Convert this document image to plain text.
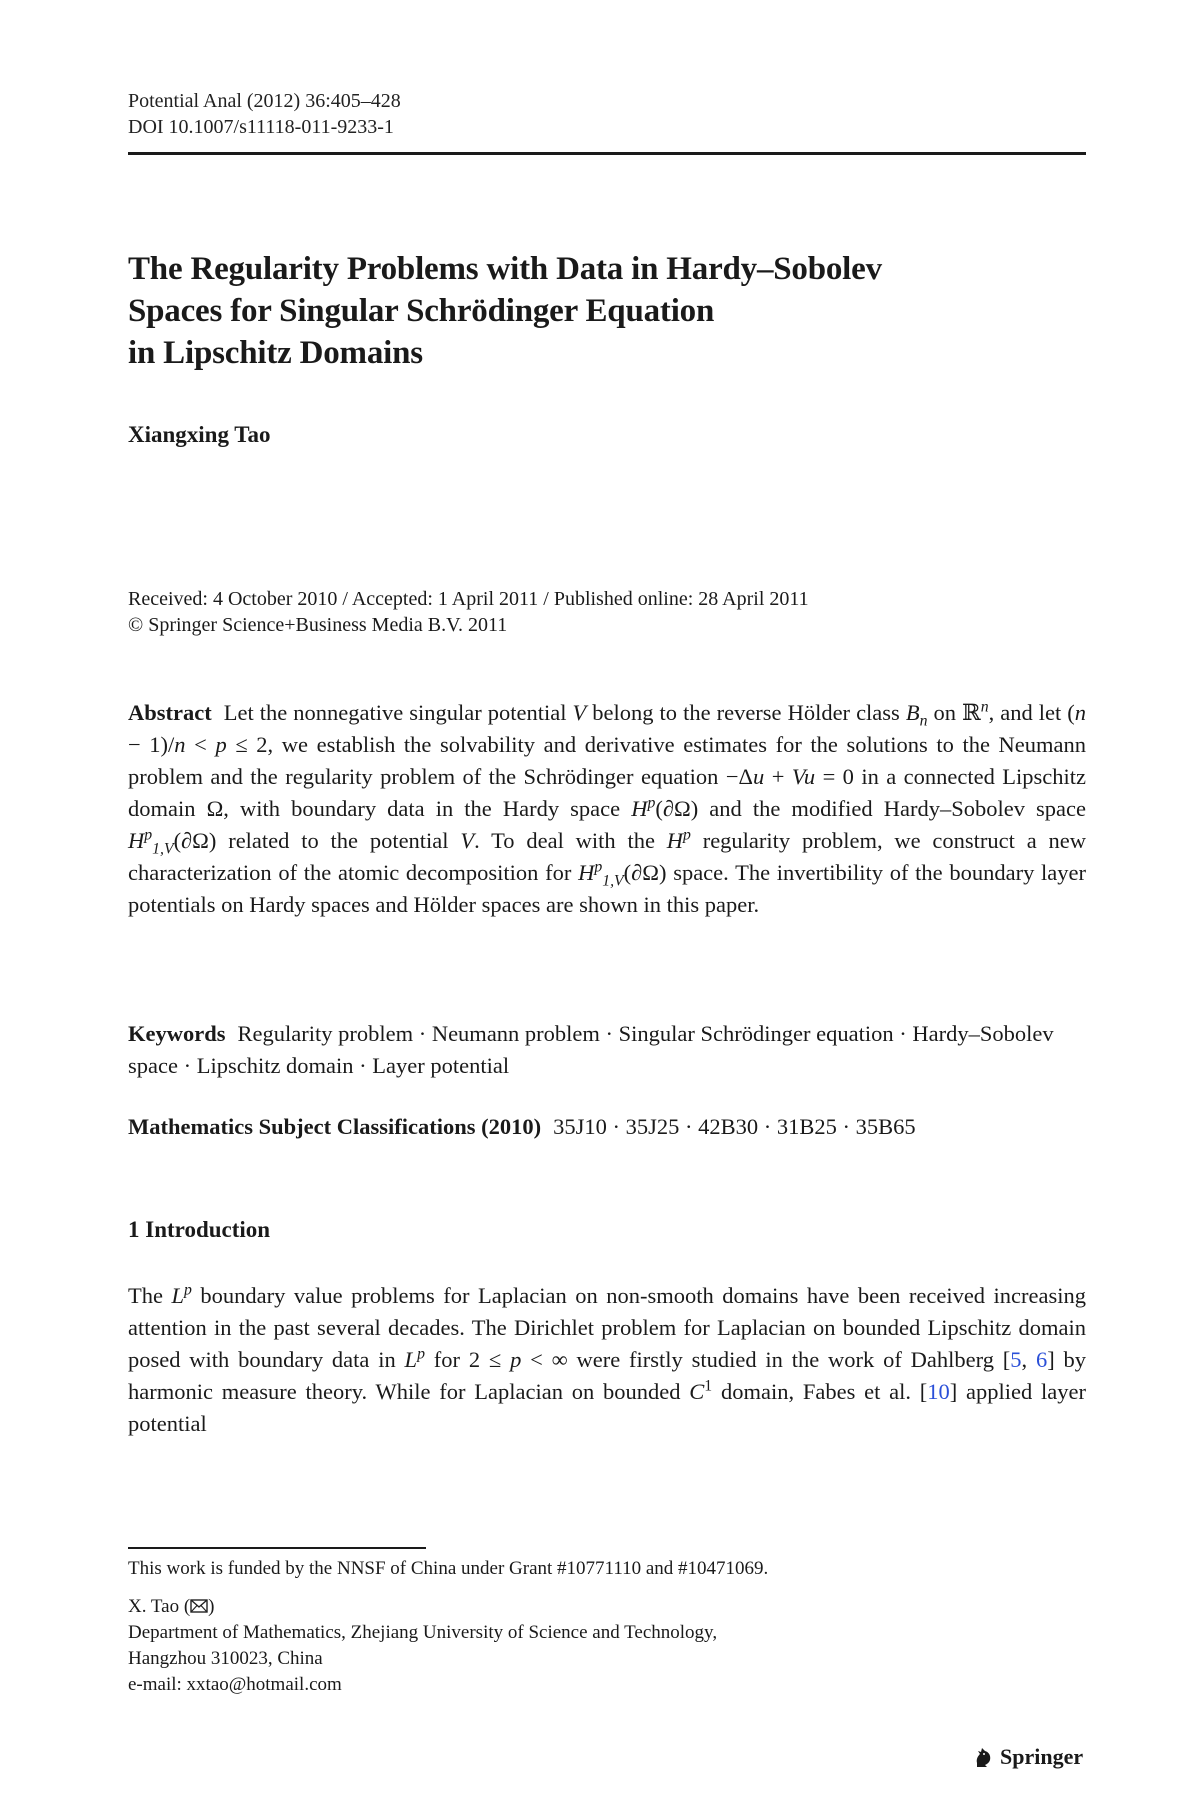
Potential Anal (2012) 36:405–428
DOI 10.1007/s11118-011-9233-1
The Regularity Problems with Data in Hardy–Sobolev
Spaces for Singular Schrödinger Equation
in Lipschitz Domains
Xiangxing Tao
Received: 4 October 2010 / Accepted: 1 April 2011 / Published online: 28 April 2011
© Springer Science+Business Media B.V. 2011
Abstract Let the nonnegative singular potential V belong to the reverse Hölder class $B_n$ on ℝ$^n$, and let (n − 1)/n < p ≤ 2, we establish the solvability and derivative estimates for the solutions to the Neumann problem and the regularity problem of the Schrödinger equation −Δu + Vu = 0 in a connected Lipschitz domain Ω, with boundary data in the Hardy space $H^p(\partial\Omega)$ and the modified Hardy–Sobolev space $H^p_{1,V}(\partial\Omega)$ related to the potential V. To deal with the $H^p$ regularity problem, we construct a new characterization of the atomic decomposition for $H^p_{1,V}(\partial\Omega)$ space. The invertibility of the boundary layer potentials on Hardy spaces and Hölder spaces are shown in this paper.
Keywords Regularity problem · Neumann problem · Singular Schrödinger equation · Hardy–Sobolev space · Lipschitz domain · Layer potential
Mathematics Subject Classifications (2010) 35J10 · 35J25 · 42B30 · 31B25 · 35B65
1 Introduction
The $L^p$ boundary value problems for Laplacian on non-smooth domains have been received increasing attention in the past several decades. The Dirichlet problem for Laplacian on bounded Lipschitz domain posed with boundary data in $L^p$ for 2 ≤ p < ∞ were firstly studied in the work of Dahlberg [5, 6] by harmonic measure theory. While for Laplacian on bounded $C^1$ domain, Fabes et al. [10] applied layer potential
This work is funded by the NNSF of China under Grant #10771110 and #10471069.
X. Tao ( )
Department of Mathematics, Zhejiang University of Science and Technology,
Hangzhou 310023, China
e-mail: xxtao@hotmail.com
Springer
